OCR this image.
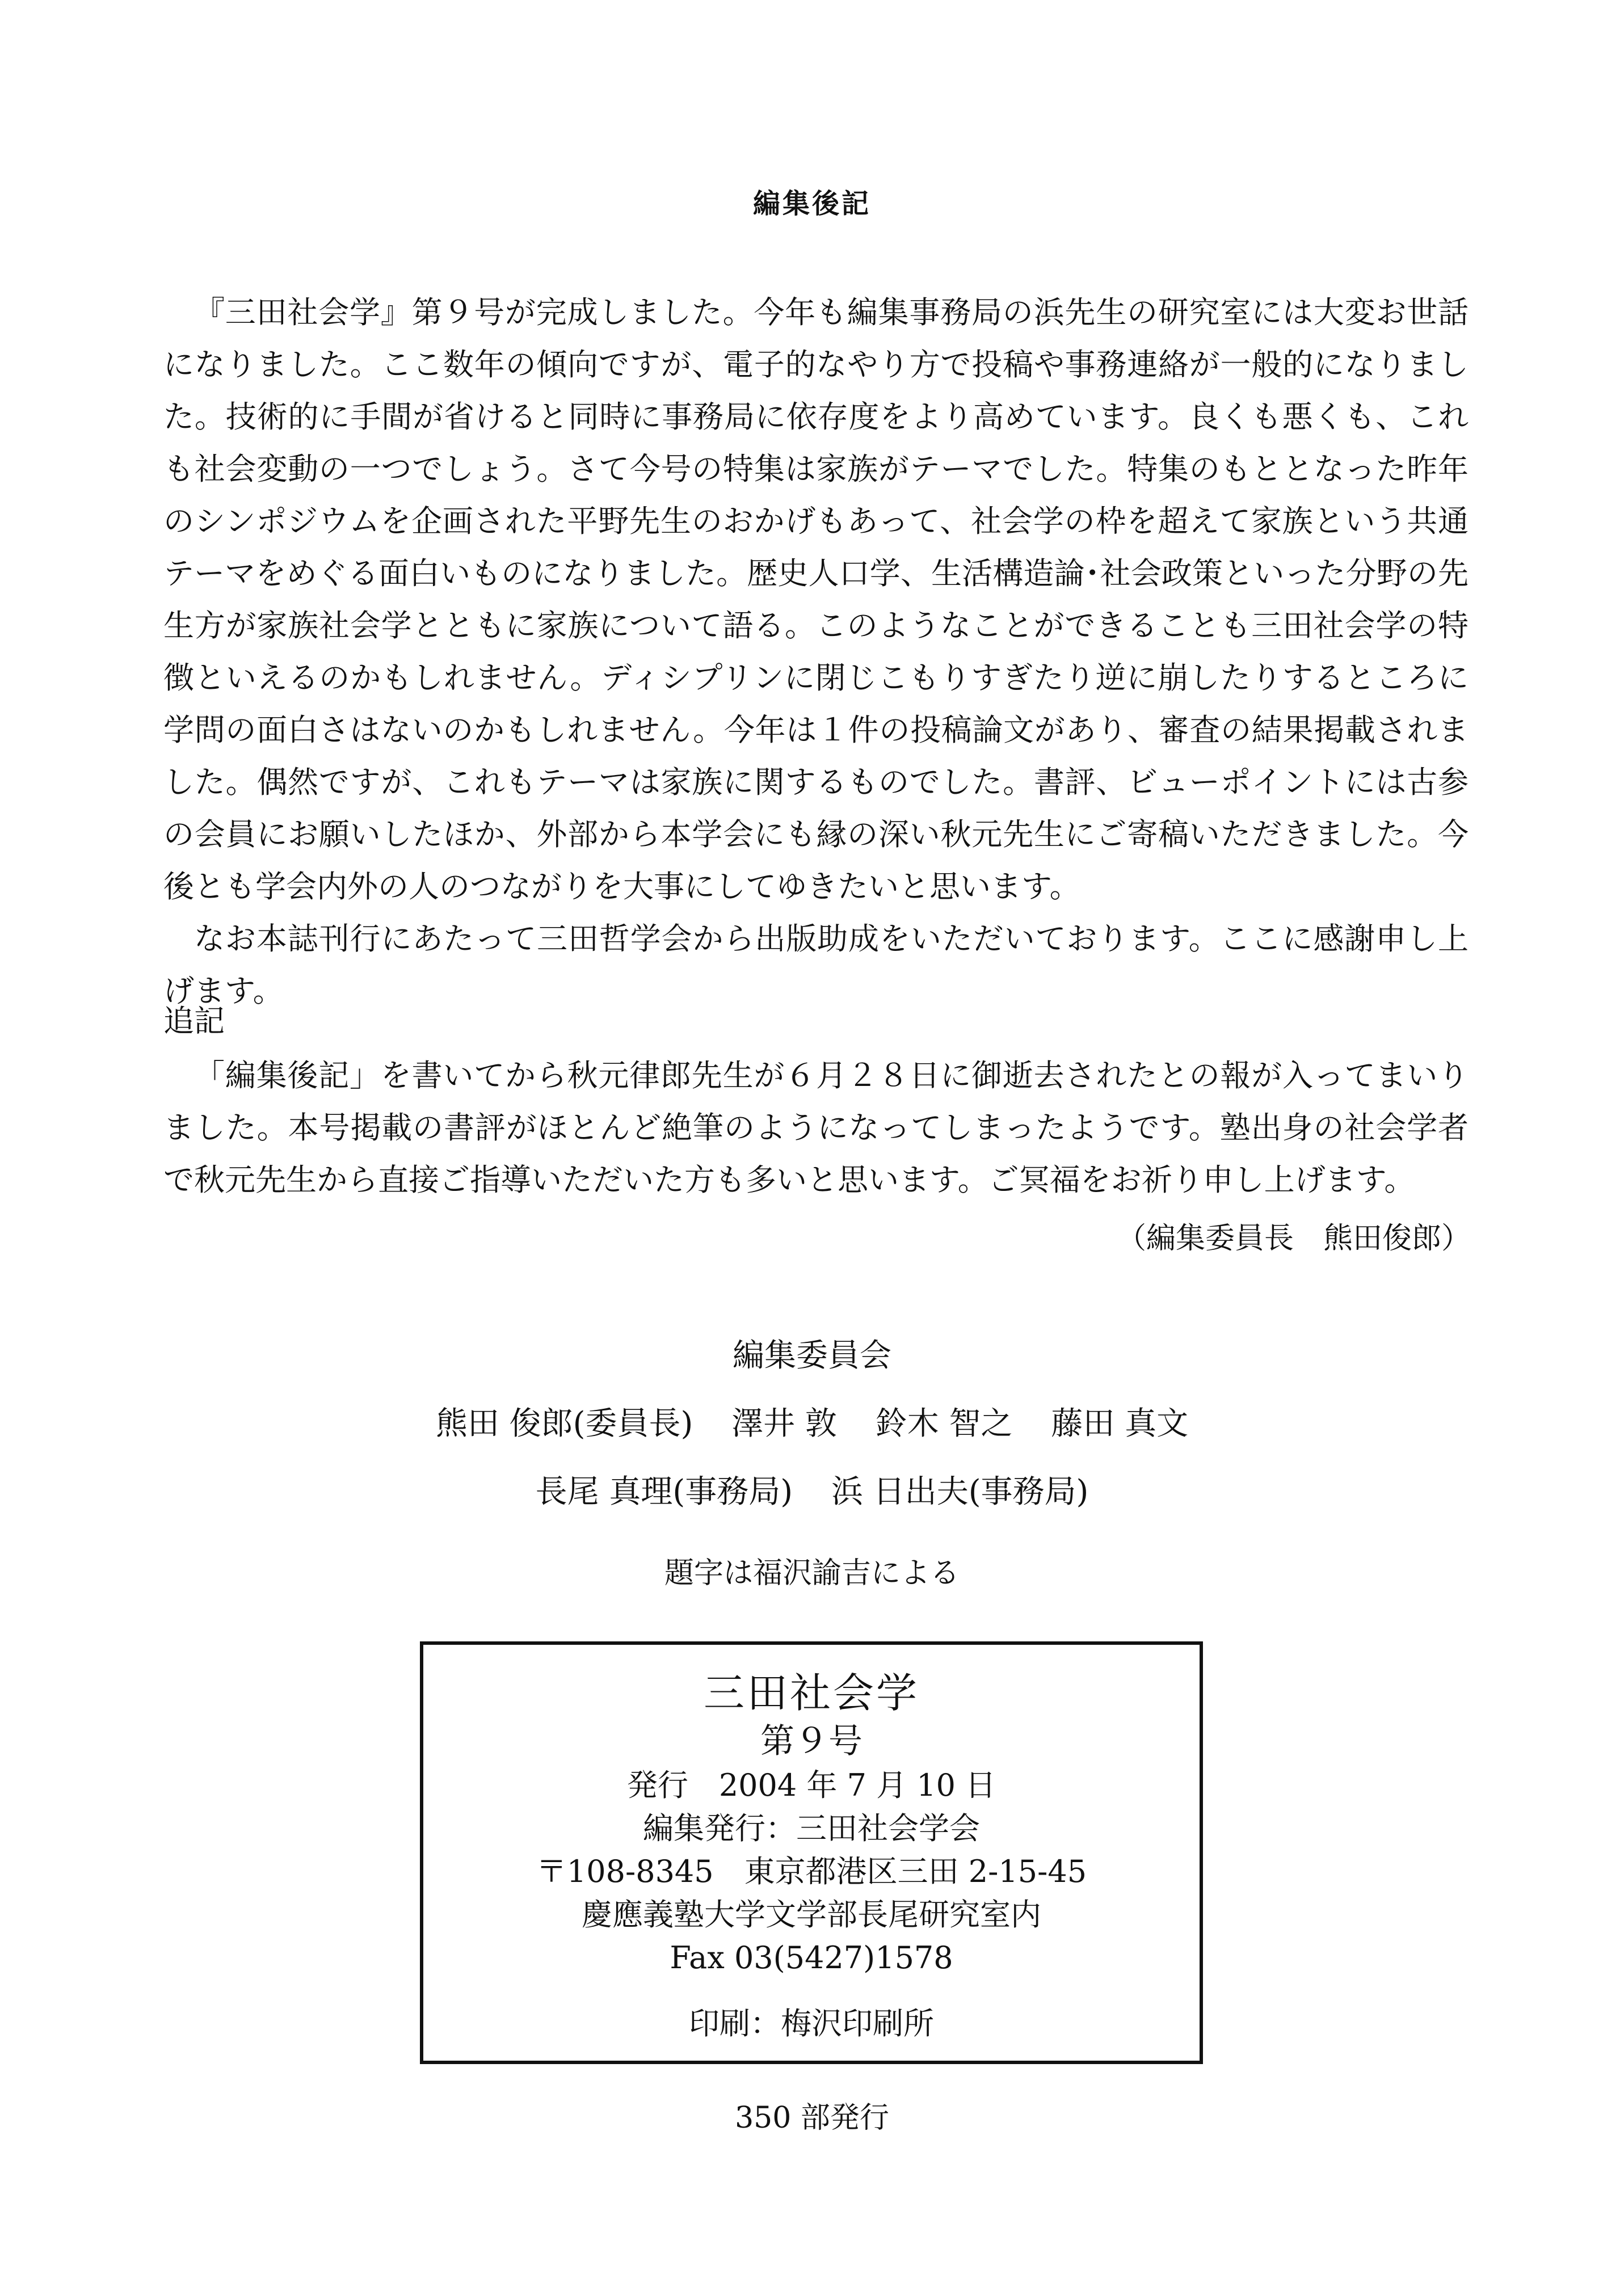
編集後記

『三田社会学』第９号が完成しました。今年も編集事務局の浜先生の研究室には大変お世話になりました。ここ数年の傾向ですが、電子的なやり方で投稿や事務連絡が一般的になりました。技術的に手間が省けると同時に事務局に依存度をより高めています。良くも悪くも、これも社会変動の一つでしょう。さて今号の特集は家族がテーマでした。特集のもととなった昨年のシンポジウムを企画された平野先生のおかげもあって、社会学の枠を超えて家族という共通テーマをめぐる面白いものになりました。歴史人口学、生活構造論･社会政策といった分野の先生方が家族社会学とともに家族について語る。このようなことができることも三田社会学の特徴といえるのかもしれません。ディシプリンに閉じこもりすぎたり逆に崩したりするところに学問の面白さはないのかもしれません。今年は１件の投稿論文があり、審査の結果掲載されました。偶然ですが、これもテーマは家族に関するものでした。書評、ビューポイントには古参の会員にお願いしたほか、外部から本学会にも縁の深い秋元先生にご寄稿いただきました。今後とも学会内外の人のつながりを大事にしてゆきたいと思います。

なお本誌刊行にあたって三田哲学会から出版助成をいただいております。ここに感謝申し上げます。

追記
「編集後記」を書いてから秋元律郎先生が６月２８日に御逝去されたとの報が入ってまいりました。本号掲載の書評がほとんど絶筆のようになってしまったようです。塾出身の社会学者で秋元先生から直接ご指導いただいた方も多いと思います。ご冥福をお祈り申し上げます。
（編集委員長　熊田俊郎）
編集委員会
熊田 俊郎(委員長) 澤井 敦 鈴木 智之 藤田 真文
長尾 真理(事務局) 浜 日出夫(事務局)
題字は福沢諭吉による
三田社会学
第９号
発行　2004 年 7 月 10 日
編集発行：三田社会学会
〒108-8345　東京都港区三田 2-15-45
慶應義塾大学文学部長尾研究室内
Fax 03(5427)1578
印刷：梅沢印刷所
350 部発行
